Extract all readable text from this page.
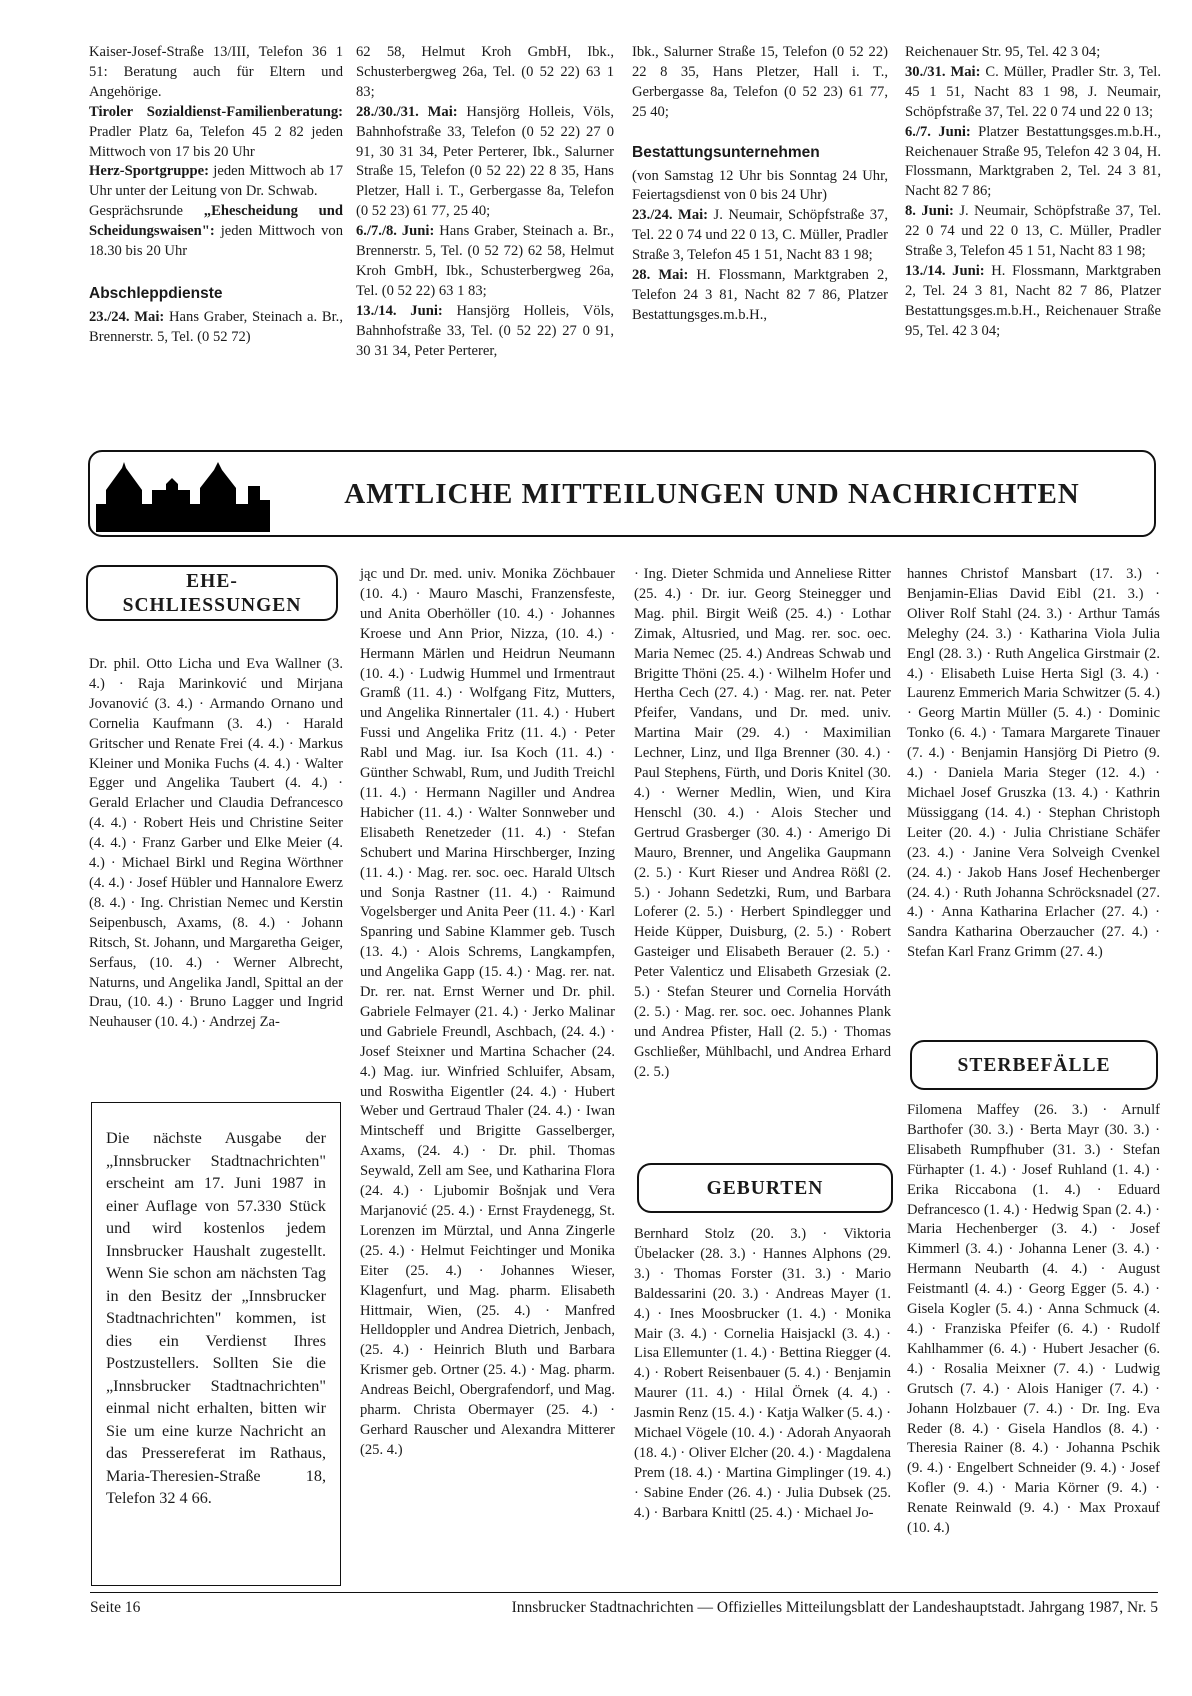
Kaiser-Josef-Straße 13/III, Telefon 36 1 51: Beratung auch für Eltern und Angehörige.

Tiroler Sozialdienst-Familienberatung: Pradler Platz 6a, Telefon 45 2 82 jeden Mittwoch von 17 bis 20 Uhr

Herz-Sportgruppe: jeden Mittwoch ab 17 Uhr unter der Leitung von Dr. Schwab.

Gesprächsrunde „Ehescheidung und Scheidungswaisen": jeden Mittwoch von 18.30 bis 20 Uhr

Abschleppdienste

23./24. Mai: Hans Graber, Steinach a. Br., Brennerstr. 5, Tel. (0 52 72)

62 58, Helmut Kroh GmbH, Ibk., Schusterbergweg 26a, Tel. (0 52 22) 63 1 83;

28./30./31. Mai: Hansjörg Holleis, Völs, Bahnhofstraße 33, Telefon (0 52 22) 27 0 91, 30 31 34, Peter Perterer, Ibk., Salurner Straße 15, Telefon (0 52 22) 22 8 35, Hans Pletzer, Hall i. T., Gerbergasse 8a, Telefon (0 52 23) 61 77, 25 40;

6./7./8. Juni: Hans Graber, Steinach a. Br., Brennerstr. 5, Tel. (0 52 72) 62 58, Helmut Kroh GmbH, Ibk., Schusterbergweg 26a, Tel. (0 52 22) 63 1 83;

13./14. Juni: Hansjörg Holleis, Völs, Bahnhofstraße 33, Tel. (0 52 22) 27 0 91, 30 31 34, Peter Perterer,

Ibk., Salurner Straße 15, Telefon (0 52 22) 22 8 35, Hans Pletzer, Hall i. T., Gerbergasse 8a, Telefon (0 52 23) 61 77, 25 40;

Bestattungsunternehmen

(von Samstag 12 Uhr bis Sonntag 24 Uhr, Feiertagsdienst von 0 bis 24 Uhr)

23./24. Mai: J. Neumair, Schöpfstraße 37, Tel. 22 0 74 und 22 0 13, C. Müller, Pradler Straße 3, Telefon 45 1 51, Nacht 83 1 98;

28. Mai: H. Flossmann, Marktgraben 2, Telefon 24 3 81, Nacht 82 7 86, Platzer Bestattungsges.m.b.H.,

Reichenauer Str. 95, Tel. 42 3 04;

30./31. Mai: C. Müller, Pradler Str. 3, Tel. 45 1 51, Nacht 83 1 98, J. Neumair, Schöpfstraße 37, Tel. 22 0 74 und 22 0 13;

6./7. Juni: Platzer Bestattungsges.m.b.H., Reichenauer Straße 95, Telefon 42 3 04, H. Flossmann, Marktgraben 2, Tel. 24 3 81, Nacht 82 7 86;

8. Juni: J. Neumair, Schöpfstraße 37, Tel. 22 0 74 und 22 0 13, C. Müller, Pradler Straße 3, Telefon 45 1 51, Nacht 83 1 98;

13./14. Juni: H. Flossmann, Marktgraben 2, Tel. 24 3 81, Nacht 82 7 86, Platzer Bestattungsges.m.b.H., Reichenauer Straße 95, Tel. 42 3 04;

AMTLICHE MITTEILUNGEN UND NACHRICHTEN
EHE-
SCHLIESSUNGEN
GEBURTEN
STERBEFÄLLE

Dr. phil. Otto Licha und Eva Wallner (3. 4.) · Raja Marinković und Mirjana Jovanović (3. 4.) · Armando Ornano und Cornelia Kaufmann (3. 4.) · Harald Gritscher und Renate Frei (4. 4.) · Markus Kleiner und Monika Fuchs (4. 4.) · Walter Egger und Angelika Taubert (4. 4.) · Gerald Erlacher und Claudia Defrancesco (4. 4.) · Robert Heis und Christine Seiter (4. 4.) · Franz Garber und Elke Meier (4. 4.) · Michael Birkl und Regina Wörthner (4. 4.) · Josef Hübler und Hannalore Ewerz (8. 4.) · Ing. Christian Nemec und Kerstin Seipenbusch, Axams, (8. 4.) · Johann Ritsch, St. Johann, und Margaretha Geiger, Serfaus, (10. 4.) · Werner Albrecht, Naturns, und Angelika Jandl, Spittal an der Drau, (10. 4.) · Bruno Lagger und Ingrid Neuhauser (10. 4.) · Andrzej Za-

jąc und Dr. med. univ. Monika Zöchbauer (10. 4.) · Mauro Maschi, Franzensfeste, und Anita Oberhöller (10. 4.) · Johannes Kroese und Ann Prior, Nizza, (10. 4.) · Hermann Märlen und Heidrun Neumann (10. 4.) · Ludwig Hummel und Irmentraut Gramß (11. 4.) · Wolfgang Fitz, Mutters, und Angelika Rinnertaler (11. 4.) · Hubert Fussi und Angelika Fritz (11. 4.) · Peter Rabl und Mag. iur. Isa Koch (11. 4.) · Günther Schwabl, Rum, und Judith Treichl (11. 4.) · Hermann Nagiller und Andrea Habicher (11. 4.) · Walter Sonnweber und Elisabeth Renetzeder (11. 4.) · Stefan Schubert und Marina Hirschberger, Inzing (11. 4.) · Mag. rer. soc. oec. Harald Ultsch und Sonja Rastner (11. 4.) · Raimund Vogelsberger und Anita Peer (11. 4.) · Karl Spanring und Sabine Klammer geb. Tusch (13. 4.) · Alois Schrems, Langkampfen, und Angelika Gapp (15. 4.) · Mag. rer. nat. Dr. rer. nat. Ernst Werner und Dr. phil. Gabriele Felmayer (21. 4.) · Jerko Malinar und Gabriele Freundl, Aschbach, (24. 4.) · Josef Steixner und Martina Schacher (24. 4.) Mag. iur. Winfried Schluifer, Absam, und Roswitha Eigentler (24. 4.) · Hubert Weber und Gertraud Thaler (24. 4.) · Iwan Mintscheff und Brigitte Gasselberger, Axams, (24. 4.) · Dr. phil. Thomas Seywald, Zell am See, und Katharina Flora (24. 4.) · Ljubomir Bošnjak und Vera Marjanović (25. 4.) · Ernst Fraydenegg, St. Lorenzen im Mürztal, und Anna Zingerle (25. 4.) · Helmut Feichtinger und Monika Eiter (25. 4.) · Johannes Wieser, Klagenfurt, und Mag. pharm. Elisabeth Hittmair, Wien, (25. 4.) · Manfred Helldoppler und Andrea Dietrich, Jenbach, (25. 4.) · Heinrich Bluth und Barbara Krismer geb. Ortner (25. 4.) · Mag. pharm. Andreas Beichl, Obergrafendorf, und Mag. pharm. Christa Obermayer (25. 4.) · Gerhard Rauscher und Alexandra Mitterer (25. 4.)

· Ing. Dieter Schmida und Anneliese Ritter (25. 4.) · Dr. iur. Georg Steinegger und Mag. phil. Birgit Weiß (25. 4.) · Lothar Zimak, Altusried, und Mag. rer. soc. oec. Maria Nemec (25. 4.) Andreas Schwab und Brigitte Thöni (25. 4.) · Wilhelm Hofer und Hertha Cech (27. 4.) · Mag. rer. nat. Peter Pfeifer, Vandans, und Dr. med. univ. Martina Mair (29. 4.) · Maximilian Lechner, Linz, und Ilga Brenner (30. 4.) · Paul Stephens, Fürth, und Doris Knitel (30. 4.) · Werner Medlin, Wien, und Kira Henschl (30. 4.) · Alois Stecher und Gertrud Grasberger (30. 4.) · Amerigo Di Mauro, Brenner, und Angelika Gaupmann (2. 5.) · Kurt Rieser und Andrea Rößl (2. 5.) · Johann Sedetzki, Rum, und Barbara Loferer (2. 5.) · Herbert Spindlegger und Heide Küpper, Duisburg, (2. 5.) · Robert Gasteiger und Elisabeth Berauer (2. 5.) · Peter Valenticz und Elisabeth Grzesiak (2. 5.) · Stefan Steurer und Cornelia Horváth (2. 5.) · Mag. rer. soc. oec. Johannes Plank und Andrea Pfister, Hall (2. 5.) · Thomas Gschließer, Mühlbachl, und Andrea Erhard (2. 5.)

Bernhard Stolz (20. 3.) · Viktoria Übelacker (28. 3.) · Hannes Alphons (29. 3.) · Thomas Forster (31. 3.) · Mario Baldessarini (20. 3.) · Andreas Mayer (1. 4.) · Ines Moosbrucker (1. 4.) · Monika Mair (3. 4.) · Cornelia Haisjackl (3. 4.) · Lisa Ellemunter (1. 4.) · Bettina Riegger (4. 4.) · Robert Reisenbauer (5. 4.) · Benjamin Maurer (11. 4.) · Hilal Örnek (4. 4.) · Jasmin Renz (15. 4.) · Katja Walker (5. 4.) · Michael Vögele (10. 4.) · Adorah Anyaorah (18. 4.) · Oliver Elcher (20. 4.) · Magdalena Prem (18. 4.) · Martina Gimplinger (19. 4.) · Sabine Ender (26. 4.) · Julia Dubsek (25. 4.) · Barbara Knittl (25. 4.) · Michael Jo-

hannes Christof Mansbart (17. 3.) · Benjamin-Elias David Eibl (21. 3.) · Oliver Rolf Stahl (24. 3.) · Arthur Tamás Meleghy (24. 3.) · Katharina Viola Julia Engl (28. 3.) · Ruth Angelica Girstmair (2. 4.) · Elisabeth Luise Herta Sigl (3. 4.) · Laurenz Emmerich Maria Schwitzer (5. 4.) · Georg Martin Müller (5. 4.) · Dominic Tonko (6. 4.) · Tamara Margarete Tinauer (7. 4.) · Benjamin Hansjörg Di Pietro (9. 4.) · Daniela Maria Steger (12. 4.) · Michael Josef Gruszka (13. 4.) · Kathrin Müssiggang (14. 4.) · Stephan Christoph Leiter (20. 4.) · Julia Christiane Schäfer (23. 4.) · Janine Vera Solveigh Cvenkel (24. 4.) · Jakob Hans Josef Hechenberger (24. 4.) · Ruth Johanna Schröcksnadel (27. 4.) · Anna Katharina Erlacher (27. 4.) · Sandra Katharina Oberzaucher (27. 4.) · Stefan Karl Franz Grimm (27. 4.)

Filomena Maffey (26. 3.) · Arnulf Barthofer (30. 3.) · Berta Mayr (30. 3.) · Elisabeth Rumpfhuber (31. 3.) · Stefan Fürhapter (1. 4.) · Josef Ruhland (1. 4.) · Erika Riccabona (1. 4.) · Eduard Defrancesco (1. 4.) · Hedwig Span (2. 4.) · Maria Hechenberger (3. 4.) · Josef Kimmerl (3. 4.) · Johanna Lener (3. 4.) · Hermann Neubarth (4. 4.) · August Feistmantl (4. 4.) · Georg Egger (5. 4.) · Gisela Kogler (5. 4.) · Anna Schmuck (4. 4.) · Franziska Pfeifer (6. 4.) · Rudolf Kahlhammer (6. 4.) · Hubert Jesacher (6. 4.) · Rosalia Meixner (7. 4.) · Ludwig Grutsch (7. 4.) · Alois Haniger (7. 4.) · Johann Holzbauer (7. 4.) · Dr. Ing. Eva Reder (8. 4.) · Gisela Handlos (8. 4.) · Theresia Rainer (8. 4.) · Johanna Pschik (9. 4.) · Engelbert Schneider (9. 4.) · Josef Kofler (9. 4.) · Maria Körner (9. 4.) · Renate Reinwald (9. 4.) · Max Proxauf (10. 4.)

Die nächste Ausgabe der „Innsbrucker Stadtnachrichten" erscheint am 17. Juni 1987 in einer Auflage von 57.330 Stück und wird kostenlos jedem Innsbrucker Haushalt zugestellt. Wenn Sie schon am nächsten Tag in den Besitz der „Innsbrucker Stadtnachrichten" kommen, ist dies ein Verdienst Ihres Postzustellers. Sollten Sie die „Innsbrucker Stadtnachrichten" einmal nicht erhalten, bitten wir Sie um eine kurze Nachricht an das Pressereferat im Rathaus, Maria-Theresien-Straße 18, Telefon 32 4 66.
Seite 16	Innsbrucker Stadtnachrichten — Offizielles Mitteilungsblatt der Landeshauptstadt. Jahrgang 1987, Nr. 5
